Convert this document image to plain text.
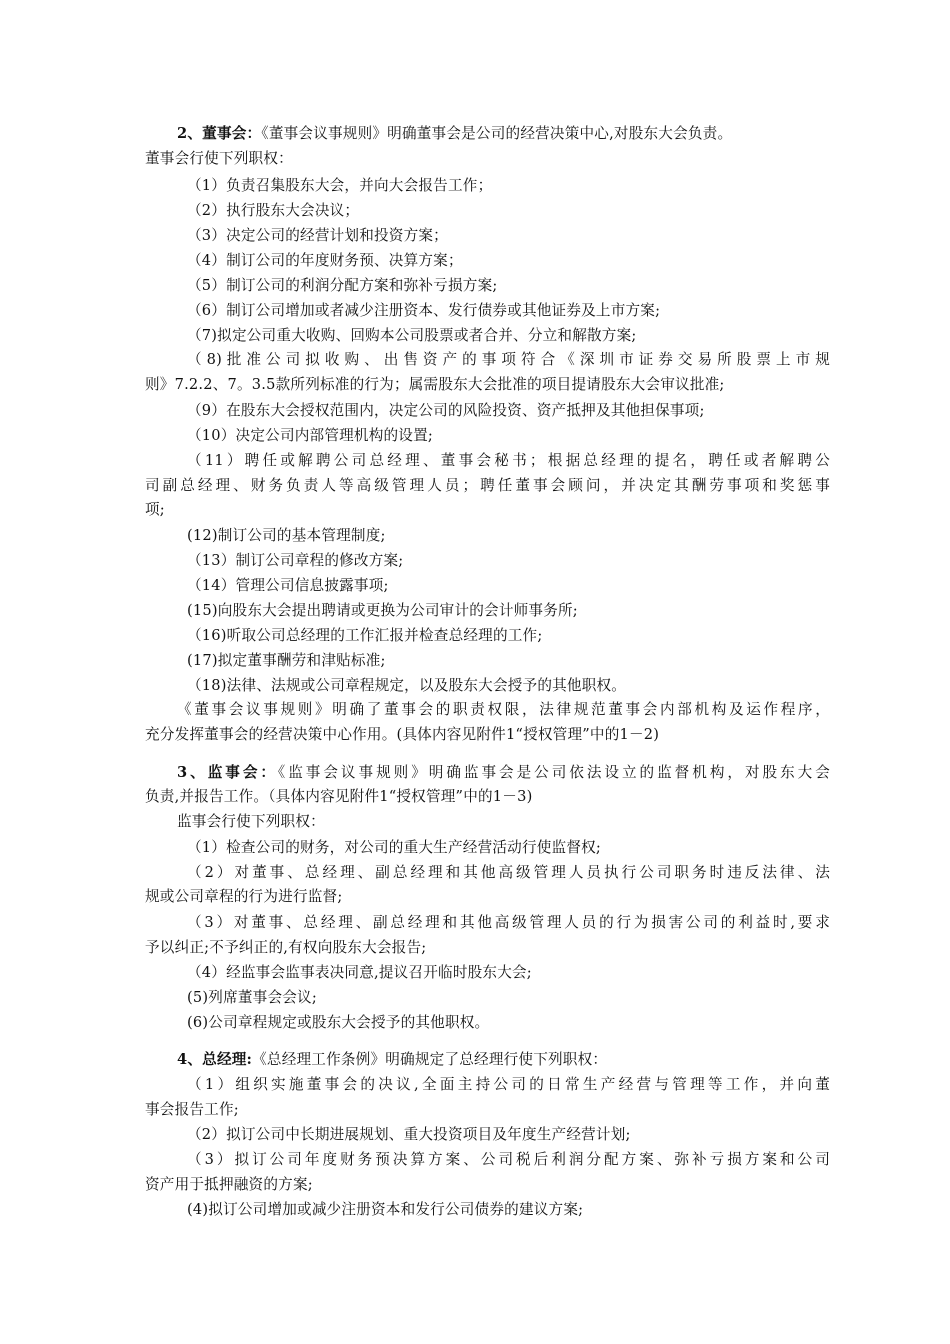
2、董事会：《董事会议事规则》明确董事会是公司的经营决策中心,对股东大会负责。
董事会行使下列职权：
（1）负责召集股东大会，并向大会报告工作；
（2）执行股东大会决议；
（3）决定公司的经营计划和投资方案；
（4）制订公司的年度财务预、决算方案；
（5）制订公司的利润分配方案和弥补亏损方案;
（6）制订公司增加或者减少注册资本、发行债券或其他证券及上市方案;
（7)拟定公司重大收购、回购本公司股票或者合并、分立和解散方案;
（8)批准公司拟收购、出售资产的事项符合《深圳市证券交易所股票上市规
则》7.2.2、7。3.5款所列标准的行为；属需股东大会批准的项目提请股东大会审议批准;
（9）在股东大会授权范围内，决定公司的风险投资、资产抵押及其他担保事项;
（10）决定公司内部管理机构的设置;
（11）聘任或解聘公司总经理、董事会秘书；根据总经理的提名，聘任或者解聘公
司副总经理、财务负责人等高级管理人员；聘任董事会顾问，并决定其酬劳事项和奖惩事
项;
(12)制订公司的基本管理制度;
（13）制订公司章程的修改方案;
（14）管理公司信息披露事项;
(15)向股东大会提出聘请或更换为公司审计的会计师事务所;
（16)听取公司总经理的工作汇报并检查总经理的工作;
(17)拟定董事酬劳和津贴标准;
（18)法律、法规或公司章程规定，以及股东大会授予的其他职权。
《董事会议事规则》明确了董事会的职责权限，法律规范董事会内部机构及运作程序，
充分发挥董事会的经营决策中心作用。(具体内容见附件1“授权管理”中的1－2)
3、监事会：《监事会议事规则》明确监事会是公司依法设立的监督机构，对股东大会
负责,并报告工作。（具体内容见附件1“授权管理”中的1－3)
监事会行使下列职权：
（1）检查公司的财务，对公司的重大生产经营活动行使监督权;
（2）对董事、总经理、副总经理和其他高级管理人员执行公司职务时违反法律、法
规或公司章程的行为进行监督;
（3）对董事、总经理、副总经理和其他高级管理人员的行为损害公司的利益时,要求
予以纠正;不予纠正的,有权向股东大会报告;
（4）经监事会监事表决同意,提议召开临时股东大会;
(5)列席董事会会议;
(6)公司章程规定或股东大会授予的其他职权。
4、总经理:《总经理工作条例》明确规定了总经理行使下列职权：
（1）组织实施董事会的决议,全面主持公司的日常生产经营与管理等工作，并向董
事会报告工作;
（2）拟订公司中长期进展规划、重大投资项目及年度生产经营计划;
（3）拟订公司年度财务预决算方案、公司税后利润分配方案、弥补亏损方案和公司
资产用于抵押融资的方案;
(4)拟订公司增加或减少注册资本和发行公司债券的建议方案;
